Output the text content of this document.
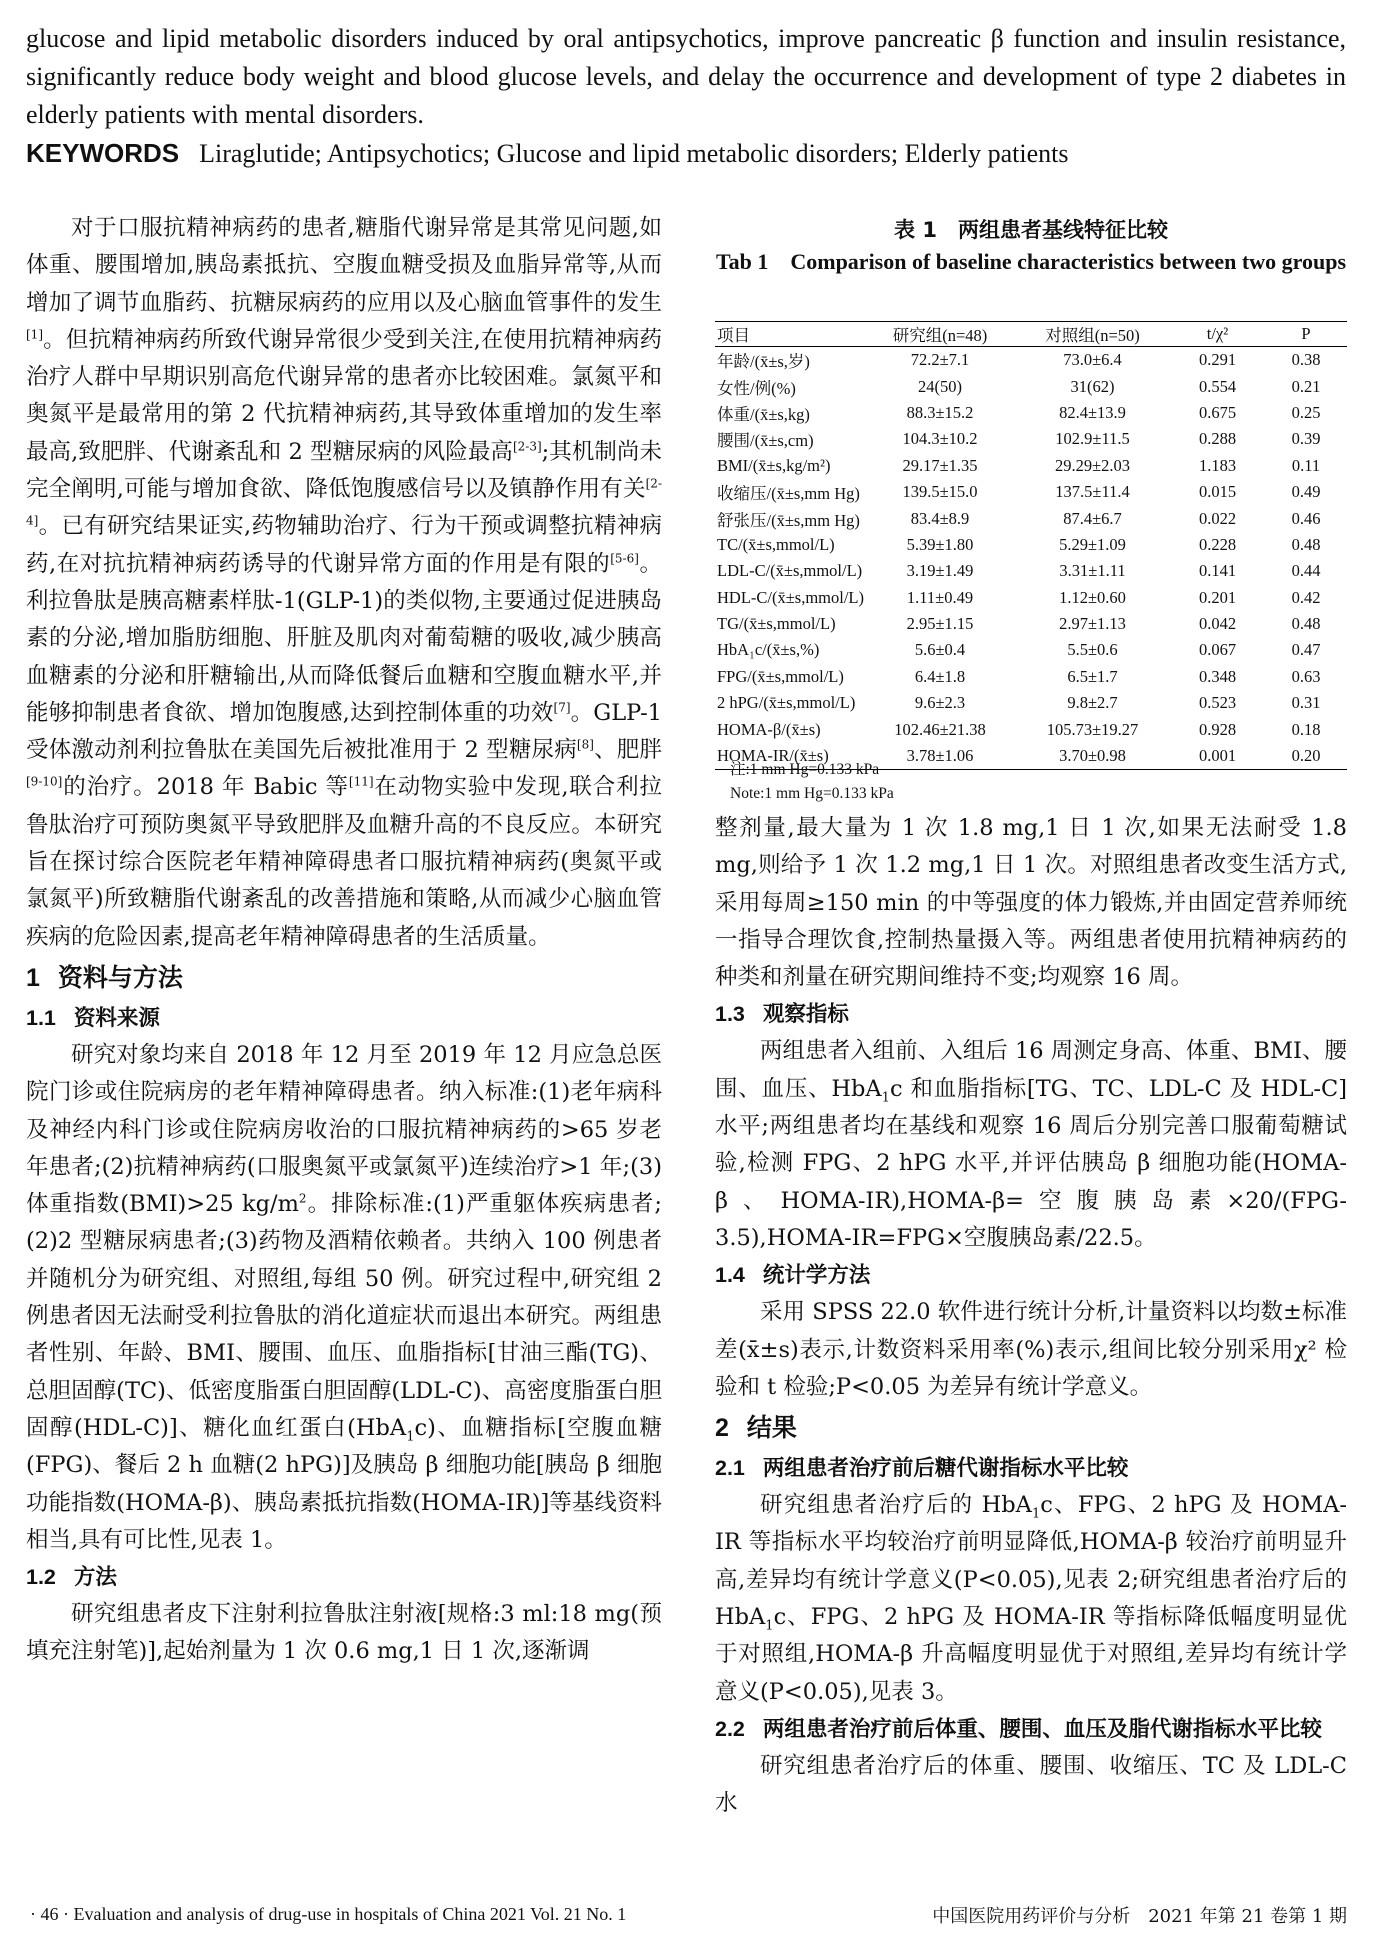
glucose and lipid metabolic disorders induced by oral antipsychotics, improve pancreatic β function and insulin resistance, significantly reduce body weight and blood glucose levels, and delay the occurrence and development of type 2 diabetes in elderly patients with mental disorders.

KEYWORDS Liraglutide; Antipsychotics; Glucose and lipid metabolic disorders; Elderly patients

对于口服抗精神病药的患者,糖脂代谢异常是其常见问题,如体重、腰围增加,胰岛素抵抗、空腹血糖受损及血脂异常等,从而增加了调节血脂药、抗糖尿病药的应用以及心脑血管事件的发生[1]。但抗精神病药所致代谢异常很少受到关注,在使用抗精神病药治疗人群中早期识别高危代谢异常的患者亦比较困难。氯氮平和奥氮平是最常用的第 2 代抗精神病药,其导致体重增加的发生率最高,致肥胖、代谢紊乱和 2 型糖尿病的风险最高[2-3];其机制尚未完全阐明,可能与增加食欲、降低饱腹感信号以及镇静作用有关[2-4]。已有研究结果证实,药物辅助治疗、行为干预或调整抗精神病药,在对抗抗精神病药诱导的代谢异常方面的作用是有限的[5-6]。利拉鲁肽是胰高糖素样肽-1(GLP-1)的类似物,主要通过促进胰岛素的分泌,增加脂肪细胞、肝脏及肌肉对葡萄糖的吸收,减少胰高血糖素的分泌和肝糖输出,从而降低餐后血糖和空腹血糖水平,并能够抑制患者食欲、增加饱腹感,达到控制体重的功效[7]。GLP-1 受体激动剂利拉鲁肽在美国先后被批准用于 2 型糖尿病[8]、肥胖[9-10]的治疗。2018 年 Babic 等[11]在动物实验中发现,联合利拉鲁肽治疗可预防奥氮平导致肥胖及血糖升高的不良反应。本研究旨在探讨综合医院老年精神障碍患者口服抗精神病药(奥氮平或氯氮平)所致糖脂代谢紊乱的改善措施和策略,从而减少心脑血管疾病的危险因素,提高老年精神障碍患者的生活质量。

1 资料与方法
1.1 资料来源

研究对象均来自 2018 年 12 月至 2019 年 12 月应急总医院门诊或住院病房的老年精神障碍患者。纳入标准:(1)老年病科及神经内科门诊或住院病房收治的口服抗精神病药的>65 岁老年患者;(2)抗精神病药(口服奥氮平或氯氮平)连续治疗>1 年;(3)体重指数(BMI)>25 $kg/m^2$。排除标准:(1)严重躯体疾病患者;(2)2 型糖尿病患者;(3)药物及酒精依赖者。共纳入 100 例患者并随机分为研究组、对照组,每组 50 例。研究过程中,研究组 2 例患者因无法耐受利拉鲁肽的消化道症状而退出本研究。两组患者性别、年龄、BMI、腰围、血压、血脂指标[甘油三酯(TG)、总胆固醇(TC)、低密度脂蛋白胆固醇(LDL-C)、高密度脂蛋白胆固醇(HDL-C)]、糖化血红蛋白(HbA$_1$c)、血糖指标[空腹血糖(FPG)、餐后 2 h 血糖(2 hPG)]及胰岛 β 细胞功能[胰岛 β 细胞功能指数(HOMA-β)、胰岛素抵抗指数(HOMA-IR)]等基线资料相当,具有可比性,见表 1。

1.2 方法

研究组患者皮下注射利拉鲁肽注射液[规格:3 ml:18 mg(预填充注射笔)],起始剂量为 1 次 0.6 mg,1 日 1 次,逐渐调

表 1　两组患者基线特征比较
Tab 1　Comparison of baseline characteristics between two groups
项目	研究组(n=48)	对照组(n=50)	t/χ²	P
年龄/(x̄±s,岁)	72.2±7.1	73.0±6.4	0.291	0.38
女性/例(%)	24(50)	31(62)	0.554	0.21
体重/(x̄±s,kg)	88.3±15.2	82.4±13.9	0.675	0.25
腰围/(x̄±s,cm)	104.3±10.2	102.9±11.5	0.288	0.39
BMI/(x̄±s,kg/m²)	29.17±1.35	29.29±2.03	1.183	0.11
收缩压/(x̄±s,mm Hg)	139.5±15.0	137.5±11.4	0.015	0.49
舒张压/(x̄±s,mm Hg)	83.4±8.9	87.4±6.7	0.022	0.46
TC/(x̄±s,mmol/L)	5.39±1.80	5.29±1.09	0.228	0.48
LDL-C/(x̄±s,mmol/L)	3.19±1.49	3.31±1.11	0.141	0.44
HDL-C/(x̄±s,mmol/L)	1.11±0.49	1.12±0.60	0.201	0.42
TG/(x̄±s,mmol/L)	2.95±1.15	2.97±1.13	0.042	0.48
HbA₁c/(x̄±s,%)	5.6±0.4	5.5±0.6	0.067	0.47
FPG/(x̄±s,mmol/L)	6.4±1.8	6.5±1.7	0.348	0.63
2 hPG/(x̄±s,mmol/L)	9.6±2.3	9.8±2.7	0.523	0.31
HOMA-β/(x̄±s)	102.46±21.38	105.73±19.27	0.928	0.18
HOMA-IR/(x̄±s)	3.78±1.06	3.70±0.98	0.001	0.20
注:1 mm Hg=0.133 kPa
Note:1 mm Hg=0.133 kPa

整剂量,最大量为 1 次 1.8 mg,1 日 1 次,如果无法耐受 1.8 mg,则给予 1 次 1.2 mg,1 日 1 次。对照组患者改变生活方式,采用每周≥150 min 的中等强度的体力锻炼,并由固定营养师统一指导合理饮食,控制热量摄入等。两组患者使用抗精神病药的种类和剂量在研究期间维持不变;均观察 16 周。

1.3 观察指标

两组患者入组前、入组后 16 周测定身高、体重、BMI、腰围、血压、HbA$_1$c 和血脂指标[TG、TC、LDL-C 及 HDL-C]水平;两组患者均在基线和观察 16 周后分别完善口服葡萄糖试验,检测 FPG、2 hPG 水平,并评估胰岛 β 细胞功能(HOMA-β、HOMA-IR),HOMA-β=空腹胰岛素×20/(FPG-3.5),HOMA-IR=FPG×空腹胰岛素/22.5。

1.4 统计学方法

采用 SPSS 22.0 软件进行统计分析,计量资料以均数±标准差(x̄±s)表示,计数资料采用率(%)表示,组间比较分别采用χ² 检验和 t 检验;P<0.05 为差异有统计学意义。

2 结果
2.1 两组患者治疗前后糖代谢指标水平比较

研究组患者治疗后的 HbA$_1$c、FPG、2 hPG 及 HOMA-IR 等指标水平均较治疗前明显降低,HOMA-β 较治疗前明显升高,差异均有统计学意义(P<0.05),见表 2;研究组患者治疗后的 HbA$_1$c、FPG、2 hPG 及 HOMA-IR 等指标降低幅度明显优于对照组,HOMA-β 升高幅度明显优于对照组,差异均有统计学意义(P<0.05),见表 3。

2.2 两组患者治疗前后体重、腰围、血压及脂代谢指标水平比较

研究组患者治疗后的体重、腰围、收缩压、TC 及 LDL-C 水

· 46 · Evaluation and analysis of drug-use in hospitals of China 2021 Vol. 21 No. 1	中国医院用药评价与分析　2021 年第 21 卷第 1 期
